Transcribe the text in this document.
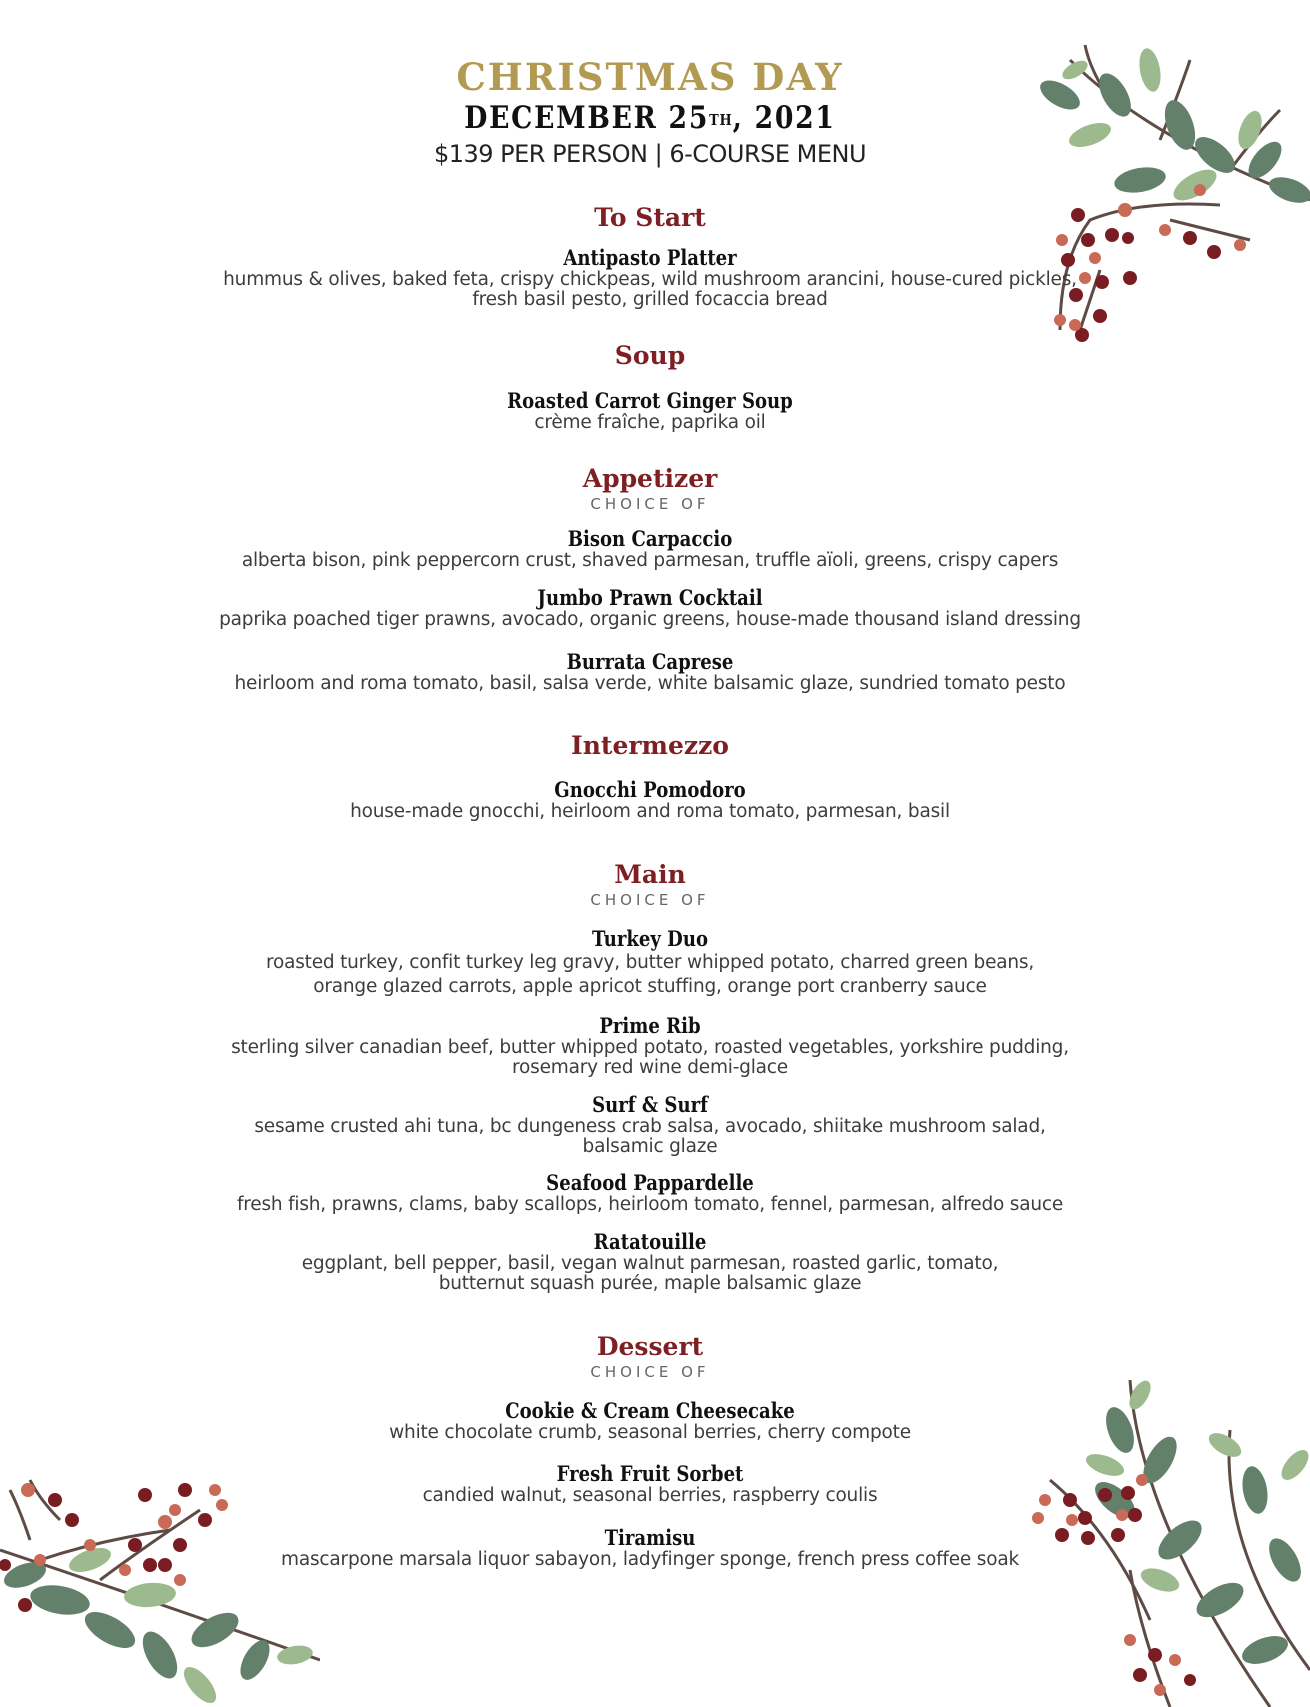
CHRISTMAS DAY
DECEMBER 25TH, 2021
$139 PER PERSON | 6-COURSE MENU
To Start
Antipasto Platter
hummus & olives, baked feta, crispy chickpeas, wild mushroom arancini, house-cured pickles,
fresh basil pesto, grilled focaccia bread
Soup
Roasted Carrot Ginger Soup
crème fraîche, paprika oil
Appetizer
CHOICE OF
Bison Carpaccio
alberta bison, pink peppercorn crust, shaved parmesan, truffle aïoli, greens, crispy capers
Jumbo Prawn Cocktail
paprika poached tiger prawns, avocado, organic greens, house-made thousand island dressing
Burrata Caprese
heirloom and roma tomato, basil, salsa verde, white balsamic glaze, sundried tomato pesto
Intermezzo
Gnocchi Pomodoro
house-made gnocchi, heirloom and roma tomato, parmesan, basil
Main
CHOICE OF
Turkey Duo
roasted turkey, confit turkey leg gravy, butter whipped potato, charred green beans,
orange glazed carrots, apple apricot stuffing, orange port cranberry sauce
Prime Rib
sterling silver canadian beef, butter whipped potato, roasted vegetables, yorkshire pudding,
rosemary red wine demi-glace
Surf & Surf
sesame crusted ahi tuna, bc dungeness crab salsa, avocado, shiitake mushroom salad,
balsamic glaze
Seafood Pappardelle
fresh fish, prawns, clams, baby scallops, heirloom tomato, fennel, parmesan, alfredo sauce
Ratatouille
eggplant, bell pepper, basil, vegan walnut parmesan, roasted garlic, tomato,
butternut squash purée, maple balsamic glaze
Dessert
CHOICE OF
Cookie & Cream Cheesecake
white chocolate crumb, seasonal berries, cherry compote
Fresh Fruit Sorbet
candied walnut, seasonal berries, raspberry coulis
Tiramisu
mascarpone marsala liquor sabayon, ladyfinger sponge, french press coffee soak
